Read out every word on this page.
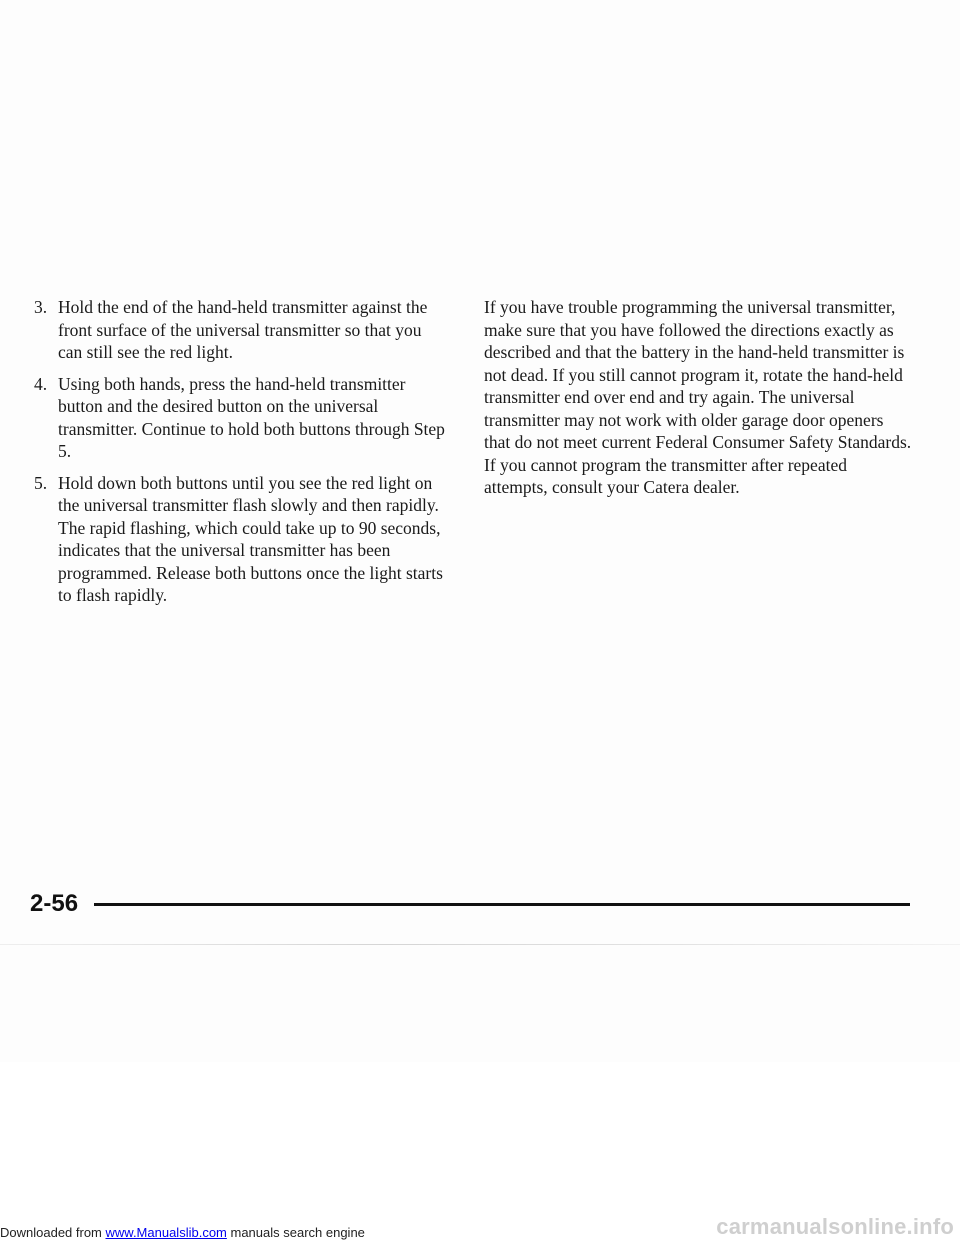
3. Hold the end of the hand-held transmitter against the front surface of the universal transmitter so that you can still see the red light.
4. Using both hands, press the hand-held transmitter button and the desired button on the universal transmitter. Continue to hold both buttons through Step 5.
5. Hold down both buttons until you see the red light on the universal transmitter flash slowly and then rapidly. The rapid flashing, which could take up to 90 seconds, indicates that the universal transmitter has been programmed. Release both buttons once the light starts to flash rapidly.

If you have trouble programming the universal transmitter, make sure that you have followed the directions exactly as described and that the battery in the hand-held transmitter is not dead. If you still cannot program it, rotate the hand-held transmitter end over end and try again. The universal transmitter may not work with older garage door openers that do not meet current Federal Consumer Safety Standards. If you cannot program the transmitter after repeated attempts, consult your Catera dealer.

2-56
Downloaded from www.Manualslib.com manuals search engine	carmanualsonline.info
